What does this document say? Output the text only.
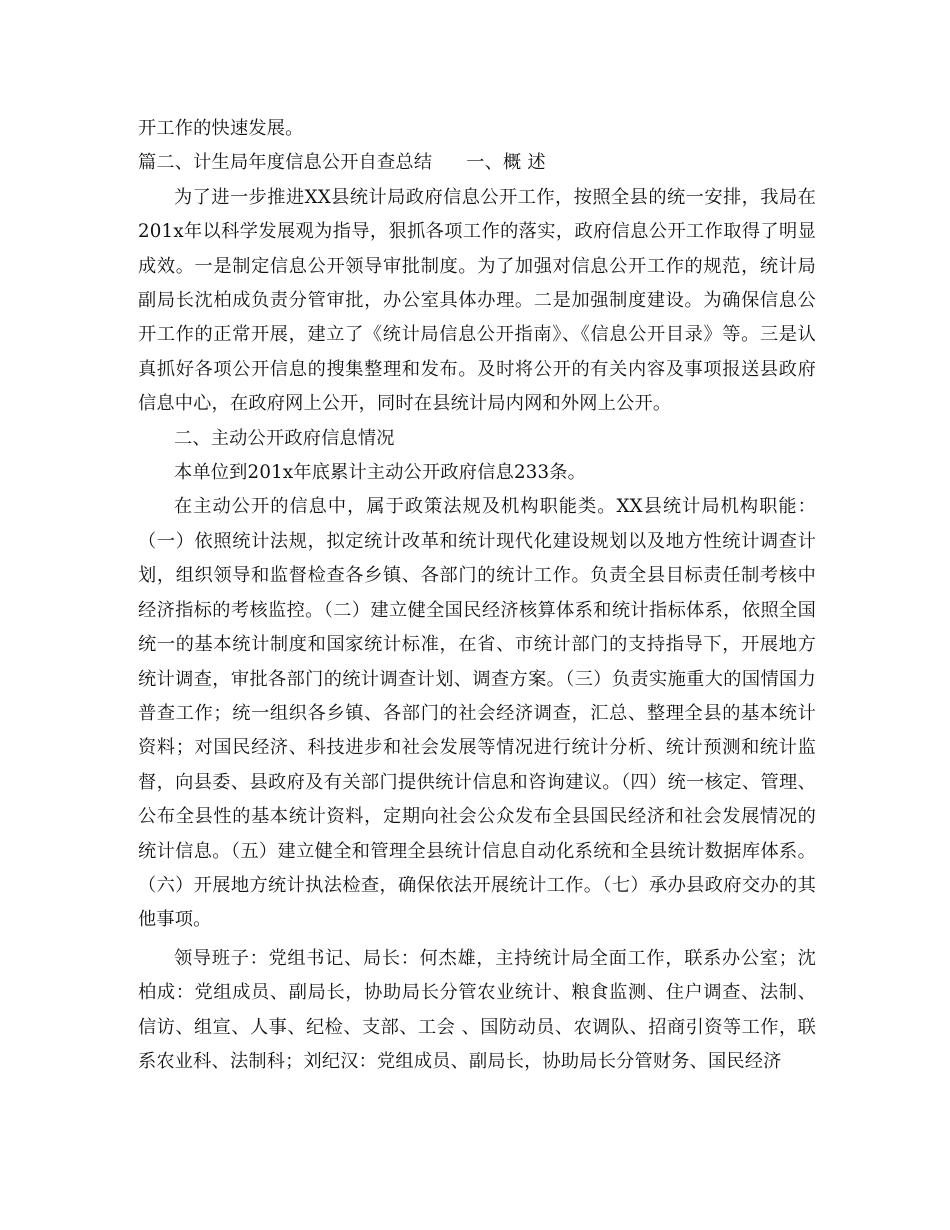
开工作的快速发展。

篇二、计生局年度信息公开自查总结 一、概 述

为了进一步推进XX县统计局政府信息公开工作，按照全县的统一安排，我局在201x年以科学发展观为指导，狠抓各项工作的落实，政府信息公开工作取得了明显成效。一是制定信息公开领导审批制度。为了加强对信息公开工作的规范，统计局副局长沈柏成负责分管审批，办公室具体办理。二是加强制度建设。为确保信息公开工作的正常开展，建立了《统计局信息公开指南》、《信息公开目录》等。三是认真抓好各项公开信息的搜集整理和发布。及时将公开的有关内容及事项报送县政府信息中心，在政府网上公开，同时在县统计局内网和外网上公开。

二、主动公开政府信息情况

本单位到201x年底累计主动公开政府信息233条。

在主动公开的信息中，属于政策法规及机构职能类。XX县统计局机构职能：（一）依照统计法规，拟定统计改革和统计现代化建设规划以及地方性统计调查计划，组织领导和监督检查各乡镇、各部门的统计工作。负责全县目标责任制考核中经济指标的考核监控。（二）建立健全国民经济核算体系和统计指标体系，依照全国统一的基本统计制度和国家统计标准，在省、市统计部门的支持指导下，开展地方统计调查，审批各部门的统计调查计划、调查方案。（三）负责实施重大的国情国力普查工作；统一组织各乡镇、各部门的社会经济调查，汇总、整理全县的基本统计资料；对国民经济、科技进步和社会发展等情况进行统计分析、统计预测和统计监督，向县委、县政府及有关部门提供统计信息和咨询建议。（四）统一核定、管理、公布全县性的基本统计资料，定期向社会公众发布全县国民经济和社会发展情况的统计信息。（五）建立健全和管理全县统计信息自动化系统和全县统计数据库体系。（六）开展地方统计执法检查，确保依法开展统计工作。（七）承办县政府交办的其他事项。

领导班子：党组书记、局长：何杰雄，主持统计局全面工作，联系办公室；沈柏成：党组成员、副局长，协助局长分管农业统计、粮食监测、住户调查、法制、信访、组宣、人事、纪检、支部、工会 、国防动员、农调队、招商引资等工作，联系农业科、法制科；刘纪汉：党组成员、副局长，协助局长分管财务、国民经济
